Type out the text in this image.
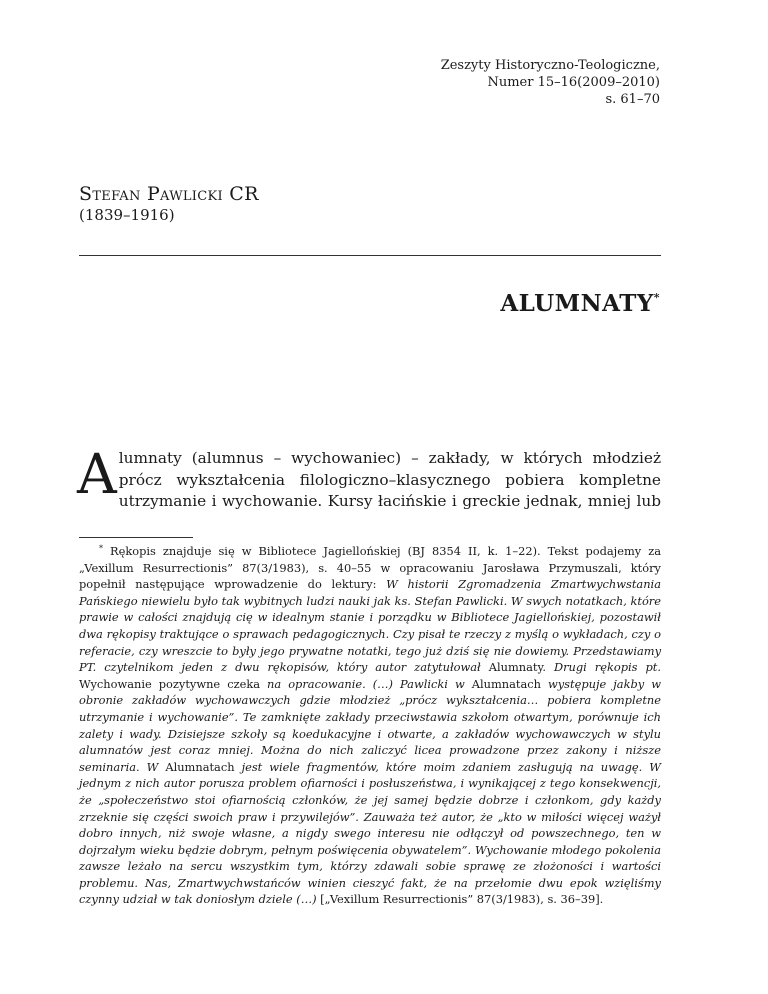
Zeszyty Historyczno-Teologiczne,
Numer 15–16(2009–2010)
s. 61–70
Stefan Pawlicki CR
(1839–1916)
ALUMNATY*
Alumnaty (alumnus – wychowaniec) – zakłady, w których młodzież prócz wykształcenia filologiczno–klasycznego pobiera kompletne utrzymanie i wychowanie. Kursy łacińskie i greckie jednak, mniej lub
* Rękopis znajduje się w Bibliotece Jagiellońskiej (BJ 8354 II, k. 1–22). Tekst podajemy za „Vexillum Resurrectionis” 87(3/1983), s. 40–55 w opracowaniu Jarosława Przymuszali, który popełnił następujące wprowadzenie do lektury: W historii Zgromadzenia Zmartwychwstania Pańskiego niewielu było tak wybitnych ludzi nauki jak ks. Stefan Pawlicki. W swych notatkach, które prawie w całości znajdują cię w idealnym stanie i porządku w Bibliotece Jagiellońskiej, pozostawił dwa rękopisy traktujące o sprawach pedagogicznych. Czy pisał te rzeczy z myślą o wykładach, czy o referacie, czy wreszcie to były jego prywatne notatki, tego już dziś się nie dowiemy. Przedstawiamy PT. czytelnikom jeden z dwu rękopisów, który autor zatytułował Alumnaty. Drugi rękopis pt. Wychowanie pozytywne czeka na opracowanie. (…) Pawlicki w Alumnatach występuje jakby w obronie zakładów wychowawczych gdzie młodzież „prócz wykształcenia… pobiera kompletne utrzymanie i wychowanie”. Te zamknięte zakłady przeciwstawia szkołom otwartym, porównuje ich zalety i wady. Dzisiejsze szkoły są koedukacyjne i otwarte, a zakładów wychowawczych w stylu alumnatów jest coraz mniej. Można do nich zaliczyć licea prowadzone przez zakony i niższe seminaria. W Alumnatach jest wiele fragmentów, które moim zdaniem zasługują na uwagę. W jednym z nich autor porusza problem ofiarności i posłuszeństwa, i wynikającej z tego konsekwencji, że „społeczeństwo stoi ofiarnością członków, że jej samej będzie dobrze i członkom, gdy każdy zrzeknie się części swoich praw i przywilejów”. Zauważa też autor, że „kto w miłości więcej ważył dobro innych, niż swoje własne, a nigdy swego interesu nie odłączył od powszechnego, ten w dojrzałym wieku będzie dobrym, pełnym poświęcenia obywatelem”. Wychowanie młodego pokolenia zawsze leżało na sercu wszystkim tym, którzy zdawali sobie sprawę ze złożoności i wartości problemu. Nas, Zmartwychwstańców winien cieszyć fakt, że na przełomie dwu epok wzięliśmy czynny udział w tak doniosłym dziele (…) [„Vexillum Resurrectionis” 87(3/1983), s. 36–39].
